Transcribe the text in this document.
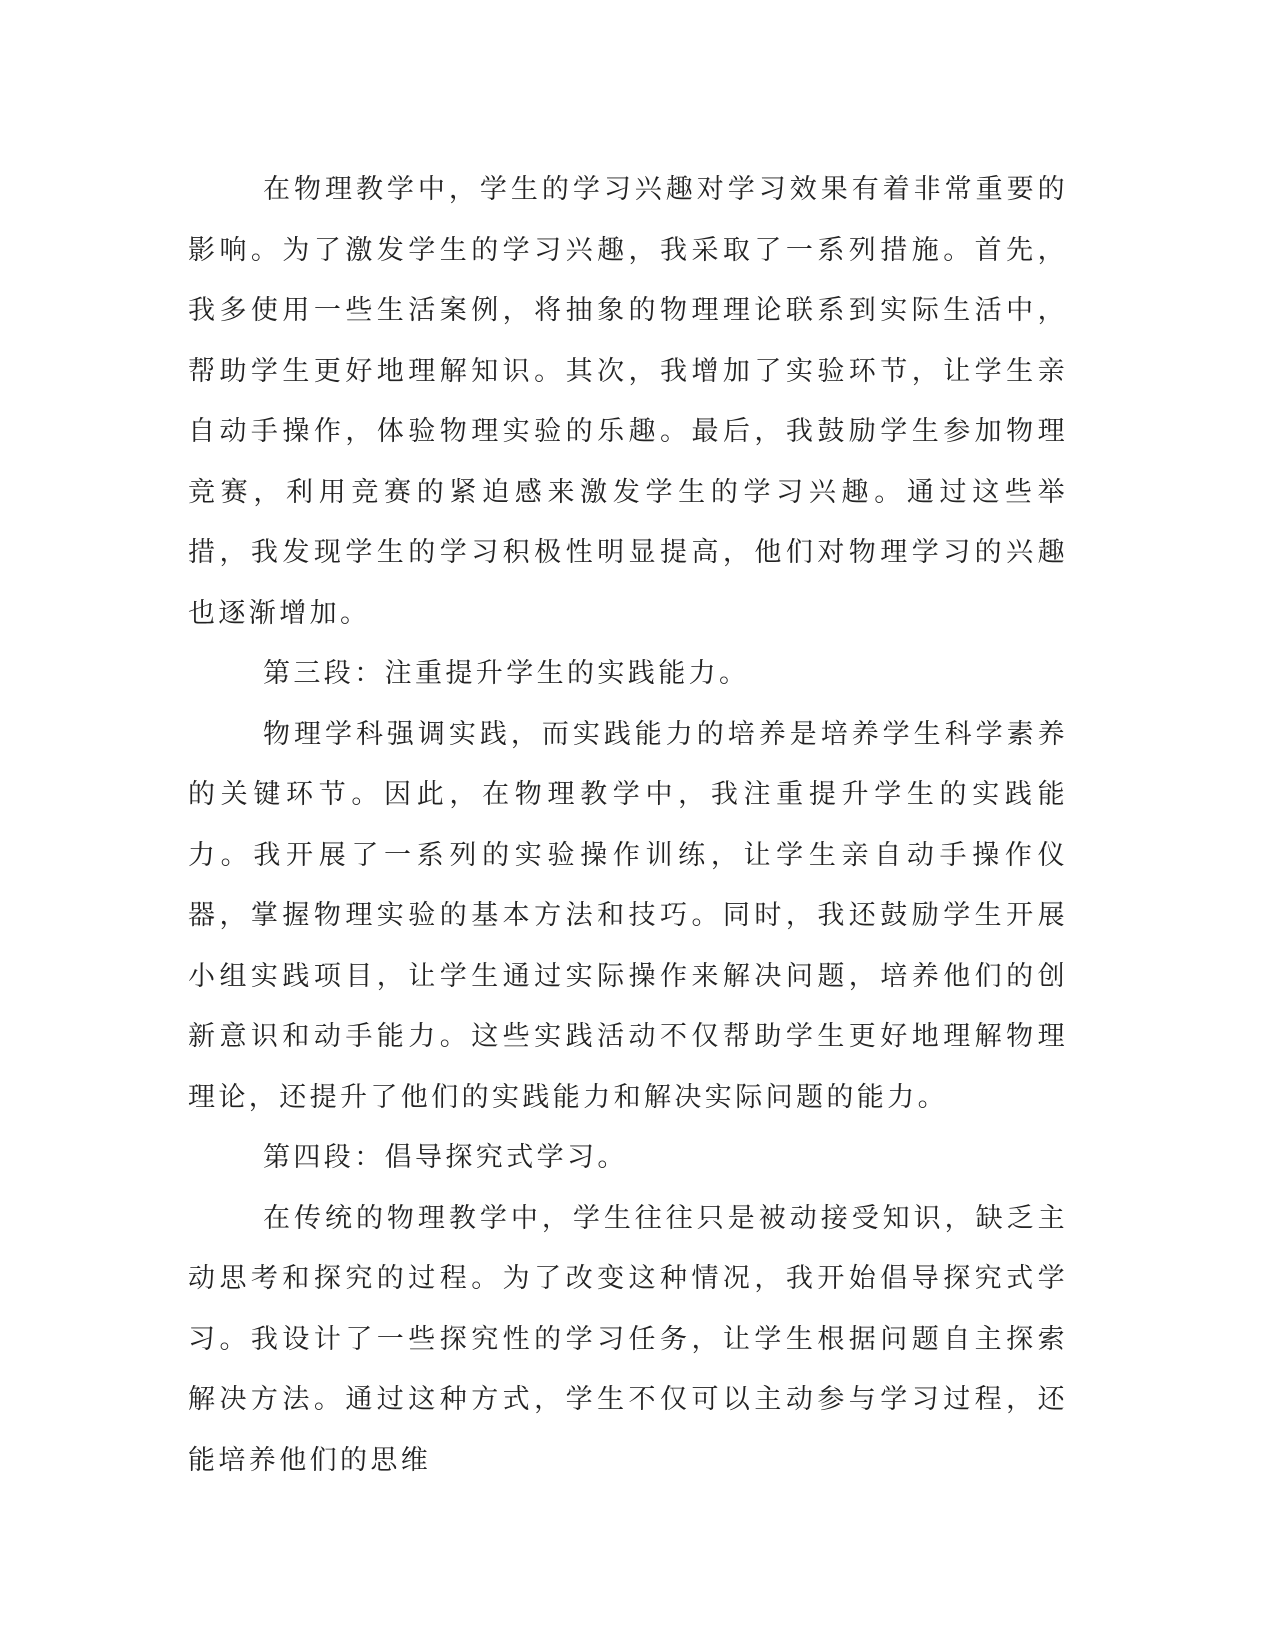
在物理教学中，学生的学习兴趣对学习效果有着非常重要的影响。为了激发学生的学习兴趣，我采取了一系列措施。首先，我多使用一些生活案例，将抽象的物理理论联系到实际生活中，帮助学生更好地理解知识。其次，我增加了实验环节，让学生亲自动手操作，体验物理实验的乐趣。最后，我鼓励学生参加物理竞赛，利用竞赛的紧迫感来激发学生的学习兴趣。通过这些举措，我发现学生的学习积极性明显提高，他们对物理学习的兴趣也逐渐增加。

第三段：注重提升学生的实践能力。

物理学科强调实践，而实践能力的培养是培养学生科学素养的关键环节。因此，在物理教学中，我注重提升学生的实践能力。我开展了一系列的实验操作训练，让学生亲自动手操作仪器，掌握物理实验的基本方法和技巧。同时，我还鼓励学生开展小组实践项目，让学生通过实际操作来解决问题，培养他们的创新意识和动手能力。这些实践活动不仅帮助学生更好地理解物理理论，还提升了他们的实践能力和解决实际问题的能力。

第四段：倡导探究式学习。

在传统的物理教学中，学生往往只是被动接受知识，缺乏主动思考和探究的过程。为了改变这种情况，我开始倡导探究式学习。我设计了一些探究性的学习任务，让学生根据问题自主探索解决方法。通过这种方式，学生不仅可以主动参与学习过程，还能培养他们的思维
